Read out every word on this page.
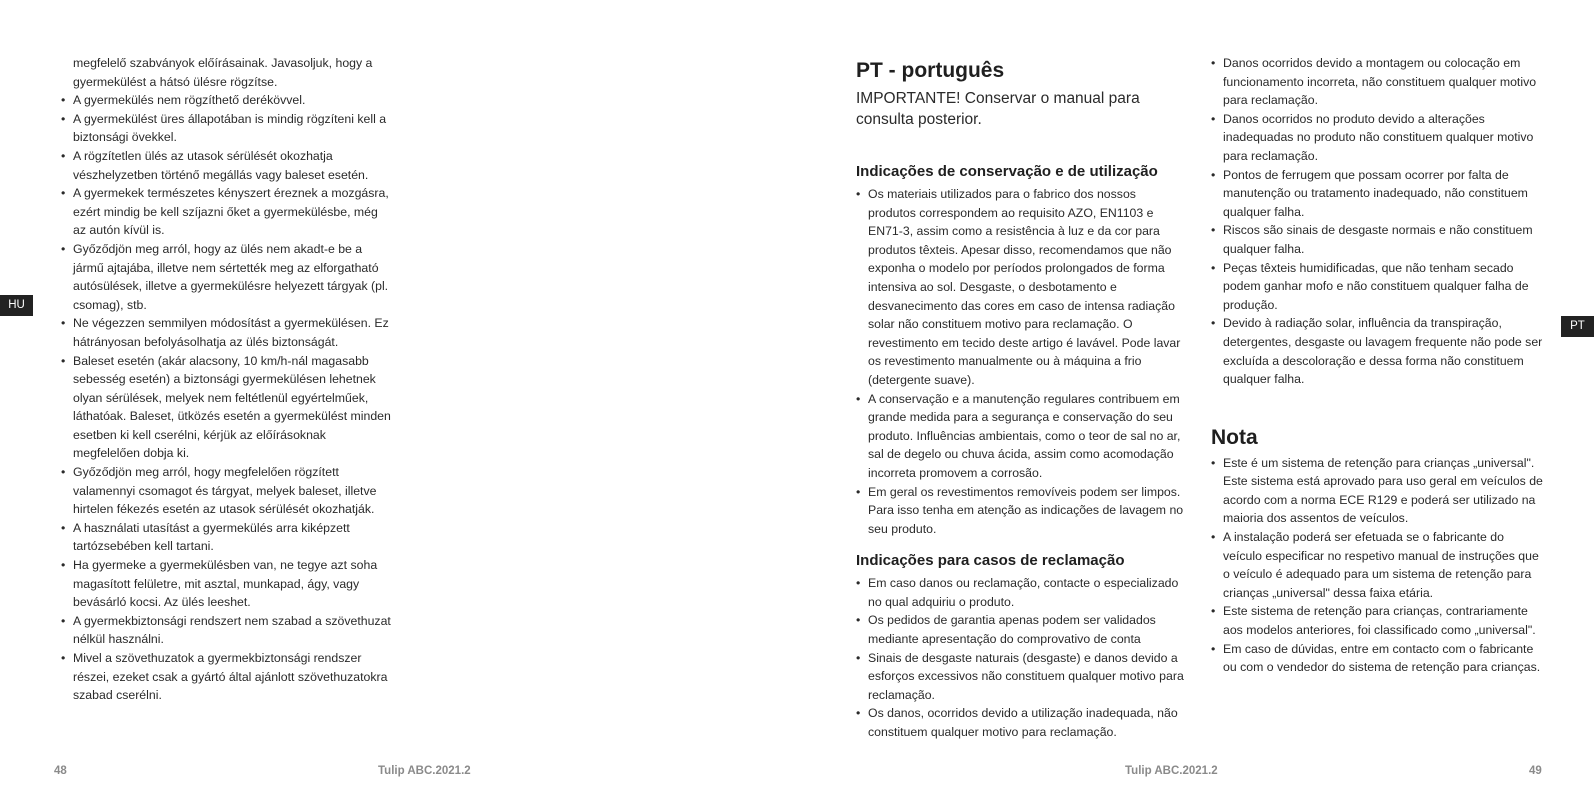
HU
megfelelő szabványok előírásainak. Javasoljuk, hogy a gyermekülést a hátsó ülésre rögzítse.
• A gyermekülés nem rögzíthető derékövvel.
• A gyermekülést üres állapotában is mindig rögzíteni kell a biztonsági övekkel.
• A rögzítetlen ülés az utasok sérülését okozhatja vészhelyzetben történő megállás vagy baleset esetén.
• A gyermekek természetes kényszert éreznek a mozgásra, ezért mindig be kell szíjazni őket a gyermekülésbe, még az autón kívül is.
• Győződjön meg arról, hogy az ülés nem akadt-e be a jármű ajtajába, illetve nem sértették meg az elforgatható autósülések, illetve a gyermekülésre helyezett tárgyak (pl. csomag), stb.
• Ne végezzen semmilyen módosítást a gyermekülésen. Ez hátrányosan befolyásolhatja az ülés biztonságát.
• Baleset esetén (akár alacsony, 10 km/h-nál magasabb sebesség esetén) a biztonsági gyermekülésen lehetnek olyan sérülések, melyek nem feltétlenül egyértelműek, láthatóak. Baleset, ütközés esetén a gyermekülést minden esetben ki kell cserélni, kérjük az előírásoknak megfelelően dobja ki.
• Győződjön meg arról, hogy megfelelően rögzített valamennyi csomagot és tárgyat, melyek baleset, illetve hirtelen fékezés esetén az utasok sérülését okozhatják.
• A használati utasítást a gyermekülés arra kiképzett tartózsebében kell tartani.
• Ha gyermeke a gyermekülésben van, ne tegye azt soha magasított felületre, mit asztal, munkapad, ágy, vagy bevásárló kocsi. Az ülés leeshet.
• A gyermekbiztonsági rendszert nem szabad a szövethuzat nélkül használni.
• Mivel a szövethuzatok a gyermekbiztonsági rendszer részei, ezeket csak a gyártó által ajánlott szövethuzatokra szabad cserélni.
48	Tulip ABC.2021.2
PT - português

IMPORTANTE! Conservar o manual para consulta posterior.

Indicações de conservação e de utilização
• Os materiais utilizados para o fabrico dos nossos produtos correspondem ao requisito AZO, EN1103 e EN71-3, assim como a resistência à luz e da cor para produtos têxteis. Apesar disso, recomendamos que não exponha o modelo por períodos prolongados de forma intensiva ao sol. Desgaste, o desbotamento e desvanecimento das cores em caso de intensa radiação solar não constituem motivo para reclamação. O revestimento em tecido deste artigo é lavável. Pode lavar os revestimento manualmente ou à máquina a frio (detergente suave).
• A conservação e a manutenção regulares contribuem em grande medida para a segurança e conservação do seu produto. Influências ambientais, como o teor de sal no ar, sal de degelo ou chuva ácida, assim como acomodação incorreta promovem a corrosão.
• Em geral os revestimentos removíveis podem ser limpos. Para isso tenha em atenção as indicações de lavagem no seu produto.
Indicações para casos de reclamação
• Em caso danos ou reclamação, contacte o especializado no qual adquiriu o produto.
• Os pedidos de garantia apenas podem ser validados mediante apresentação do comprovativo de conta
• Sinais de desgaste naturais (desgaste) e danos devido a esforços excessivos não constituem qualquer motivo para reclamação.
• Os danos, ocorridos devido a utilização inadequada, não constituem qualquer motivo para reclamação.
• Danos ocorridos devido a montagem ou colocação em funcionamento incorreta, não constituem qualquer motivo para reclamação.
• Danos ocorridos no produto devido a alterações inadequadas no produto não constituem qualquer motivo para reclamação.
• Pontos de ferrugem que possam ocorrer por falta de manutenção ou tratamento inadequado, não constituem qualquer falha.
• Riscos são sinais de desgaste normais e não constituem qualquer falha.
• Peças têxteis humidificadas, que não tenham secado podem ganhar mofo e não constituem qualquer falha de produção.
• Devido à radiação solar, influência da transpiração, detergentes, desgaste ou lavagem frequente não pode ser excluída a descoloração e dessa forma não constituem qualquer falha.
Nota
• Este é um sistema de retenção para crianças „universal". Este sistema está aprovado para uso geral em veículos de acordo com a norma ECE R129 e poderá ser utilizado na maioria dos assentos de veículos.
• A instalação poderá ser efetuada se o fabricante do veículo especificar no respetivo manual de instruções que o veículo é adequado para um sistema de retenção para crianças „universal" dessa faixa etária.
• Este sistema de retenção para crianças, contrariamente aos modelos anteriores, foi classificado como „universal".
• Em caso de dúvidas, entre em contacto com o fabricante ou com o vendedor do sistema de retenção para crianças.
PT
Tulip ABC.2021.2	49
